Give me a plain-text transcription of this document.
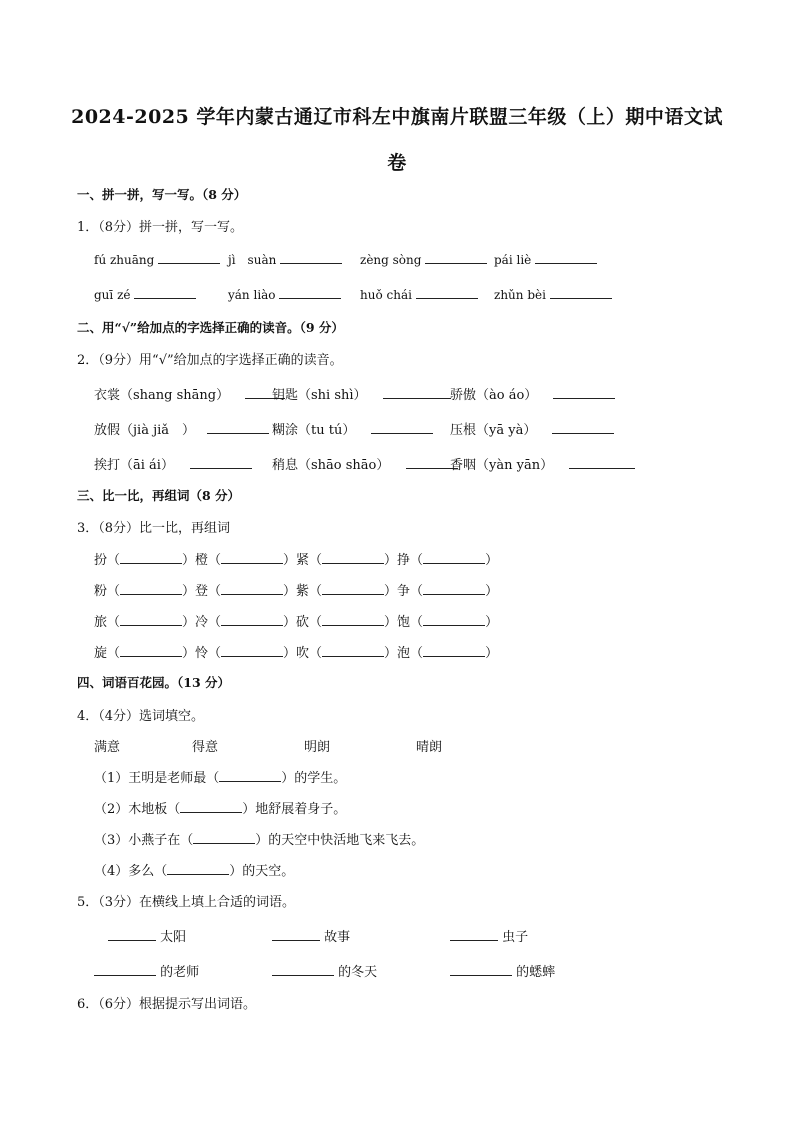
2024-2025 学年内蒙古通辽市科左中旗南片联盟三年级（上）期中语文试
卷
一、拼一拼，写一写。（8 分）
1．（8分）拼一拼，写一写。
fú zhuāng	jì　suàn	zèng sòng	pái liè
guī zé	yán liào	huǒ chái	zhǔn bèi
二、用“√”给加点的字选择正确的读音。（9 分）
2．（9分）用“√”给加点的字选择正确的读音。
衣裳（shang shāng）	钥匙（shi shì）	骄傲（ào áo）
放假（jià jiǎ　）	糊涂（tu tú）	压根（yā yà）
挨打（āi ái）	稍息（shāo shāo）	香咽（yàn yān）
三、比一比，再组词（8 分）
3．（8分）比一比，再组词
扮（	）橙（	）紧（	）挣（	）
粉（	）登（	）紫（	）争（	）
旅（	）冷（	）砍（	）饱（	）
旋（	）怜（	）吹（	）泡（	）
四、词语百花园。（13 分）
4．（4分）选词填空。
满意	得意	明朗	晴朗
（1）王明是老师最（	）的学生。
（2）木地板（	）地舒展着身子。
（3）小燕子在（	）的天空中快活地飞来飞去。
（4）多么（	）的天空。
5．（3分）在横线上填上合适的词语。
太阳	故事	虫子
的老师	的冬天	的蟋蟀
6．（6分）根据提示写出词语。
